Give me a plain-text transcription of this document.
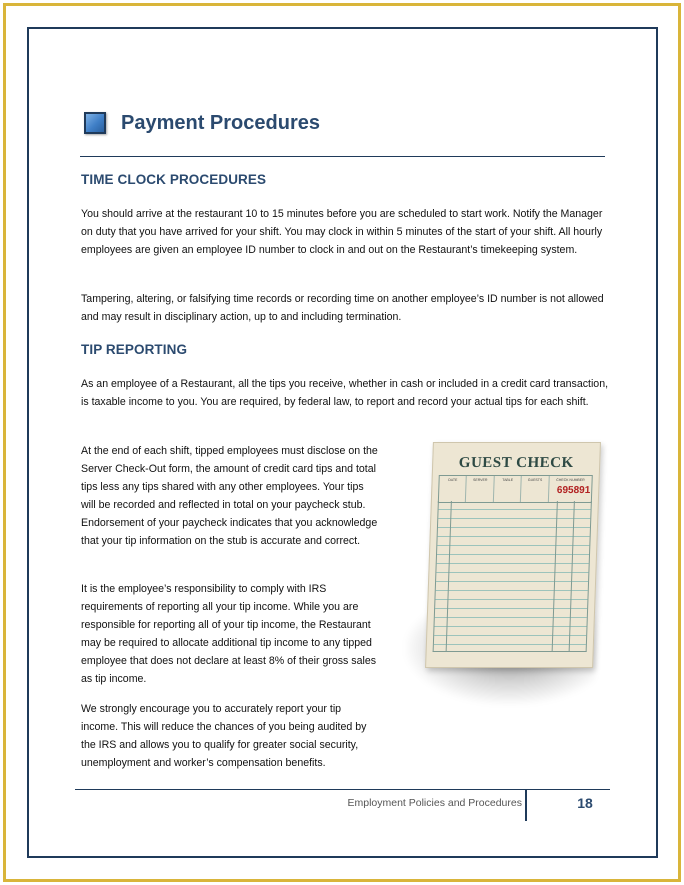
Payment Procedures
TIME CLOCK PROCEDURES

You should arrive at the restaurant 10 to 15 minutes before you are scheduled to start work. Notify the Manager on duty that you have arrived for your shift. You may clock in within 5 minutes of the start of your shift. All hourly employees are given an employee ID number to clock in and out on the Restaurant’s timekeeping system.

Tampering, altering, or falsifying time records or recording time on another employee’s ID number is not allowed and may result in disciplinary action, up to and including termination.

TIP REPORTING

As an employee of a Restaurant, all the tips you receive, whether in cash or included in a credit card transaction, is taxable income to you. You are required, by federal law, to report and record your actual tips for each shift.

At the end of each shift, tipped employees must disclose on the Server Check-Out form, the amount of credit card tips and total tips less any tips shared with any other employees. Your tips will be recorded and reflected in total on your paycheck stub. Endorsement of your paycheck indicates that you acknowledge that your tip information on the stub is accurate and correct.

It is the employee’s responsibility to comply with IRS requirements of reporting all your tip income. While you are responsible for reporting all of your tip income, the Restaurant may be required to allocate additional tip income to any tipped employee that does not declare at least 8% of their gross sales as tip income.

We strongly encourage you to accurately report your tip income. This will reduce the chances of you being audited by the IRS and allows you to qualify for greater social security, unemployment and worker’s compensation benefits.

GUEST CHECK
DATE	SERVER	TABLE	GUESTS	CHECK NUMBER
695891
Employment Policies and Procedures	18
